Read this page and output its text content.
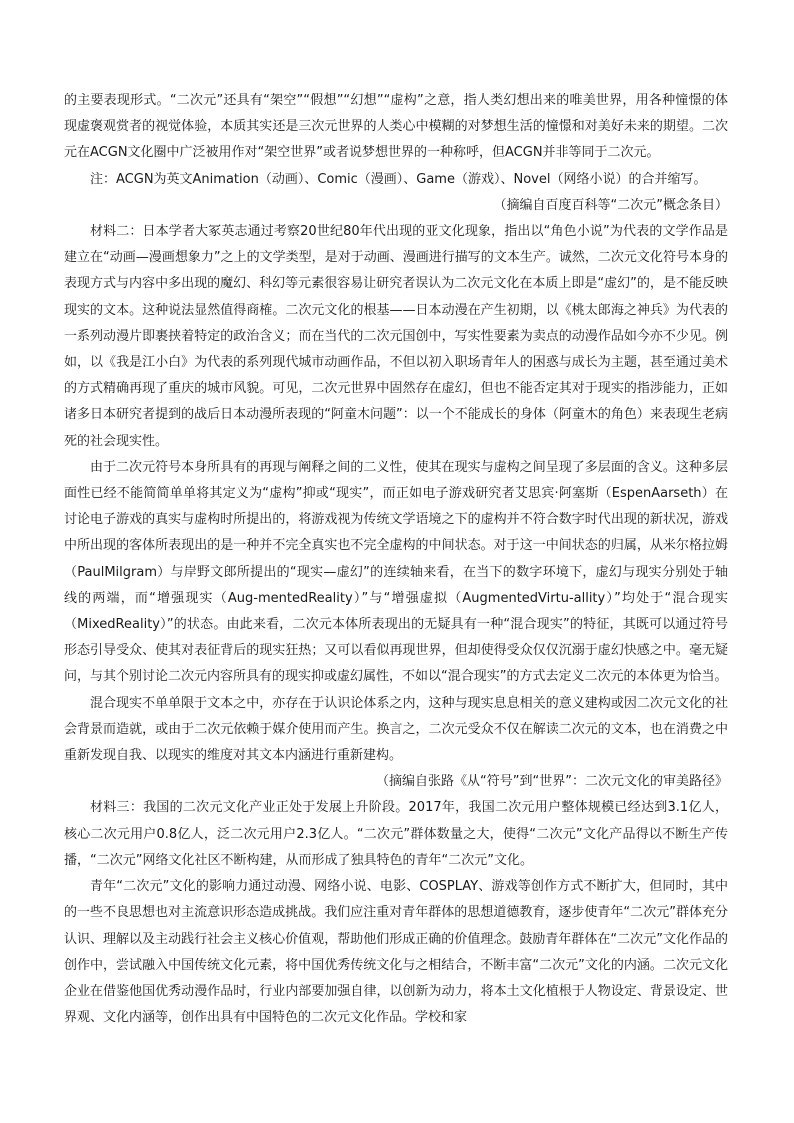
的主要表现形式。“二次元”还具有“架空”“假想”“幻想”“虚构”之意，指人类幻想出来的唯美世界，用各种憧憬的体现虚褒观赏者的视觉体验，本质其实还是三次元世界的人类心中模糊的对梦想生活的憧憬和对美好未来的期望。二次元在ACGN文化圈中广泛被用作对“架空世界”或者说梦想世界的一种称呼，但ACGN并非等同于二次元。

注：ACGN为英文Animation（动画）、Comic（漫画）、Game（游戏）、Novel（网络小说）的合并缩写。

（摘编自百度百科等“二次元”概念条目）

材料二：日本学者大冢英志通过考察20世纪80年代出现的亚文化现象，指出以“角色小说”为代表的文学作品是建立在“动画—漫画想象力”之上的文学类型，是对于动画、漫画进行描写的文本生产。诚然，二次元文化符号本身的表现方式与内容中多出现的魔幻、科幻等元素很容易让研究者误认为二次元文化在本质上即是“虚幻”的，是不能反映现实的文本。这种说法显然值得商榷。二次元文化的根基——日本动漫在产生初期，以《桃太郎海之神兵》为代表的一系列动漫片即裹挟着特定的政治含义；而在当代的二次元国创中，写实性要素为卖点的动漫作品如今亦不少见。例如，以《我是江小白》为代表的系列现代城市动画作品，不但以初入职场青年人的困惑与成长为主题，甚至通过美术的方式精确再现了重庆的城市风貌。可见，二次元世界中固然存在虚幻，但也不能否定其对于现实的指涉能力，正如诸多日本研究者提到的战后日本动漫所表现的“阿童木问题”：以一个不能成长的身体（阿童木的角色）来表现生老病死的社会现实性。

由于二次元符号本身所具有的再现与阐释之间的二义性，使其在现实与虚构之间呈现了多层面的含义。这种多层面性已经不能简简单单将其定义为“虚构”抑或“现实”，而正如电子游戏研究者艾思宾·阿塞斯（EspenAarseth）在讨论电子游戏的真实与虚构时所提出的，将游戏视为传统文学语境之下的虚构并不符合数字时代出现的新状况，游戏中所出现的客体所表现出的是一种并不完全真实也不完全虚构的中间状态。对于这一中间状态的归属，从米尔格拉姆（PaulMilgram）与岸野文郎所提出的“现实—虚幻”的连续轴来看，在当下的数字环境下，虚幻与现实分别处于轴线的两端，而“增强现实（Aug-mentedReality）”与“增强虚拟（AugmentedVirtu-allity）”均处于“混合现实（MixedReality）”的状态。由此来看，二次元本体所表现出的无疑具有一种“混合现实”的特征，其既可以通过符号形态引导受众、使其对表征背后的现实狂热；又可以看似再现世界，但却使得受众仅仅沉溺于虚幻快感之中。毫无疑问，与其个别讨论二次元内容所具有的现实抑或虚幻属性，不如以“混合现实”的方式去定义二次元的本体更为恰当。

混合现实不单单限于文本之中，亦存在于认识论体系之内，这种与现实息息相关的意义建构或因二次元文化的社会背景而造就，或由于二次元依赖于媒介使用而产生。换言之，二次元受众不仅在解读二次元的文本，也在消费之中重新发现自我、以现实的维度对其文本内涵进行重新建构。

（摘编自张路《从“符号”到“世界”：二次元文化的审美路径》

材料三：我国的二次元文化产业正处于发展上升阶段。2017年，我国二次元用户整体规模已经达到3.1亿人，核心二次元用户0.8亿人，泛二次元用户2.3亿人。“二次元”群体数量之大，使得“二次元”文化产品得以不断生产传播，“二次元”网络文化社区不断构建，从而形成了独具特色的青年“二次元”文化。

青年“二次元”文化的影响力通过动漫、网络小说、电影、COSPLAY、游戏等创作方式不断扩大，但同时，其中的一些不良思想也对主流意识形态造成挑战。我们应注重对青年群体的思想道德教育，逐步使青年“二次元”群体充分认识、理解以及主动践行社会主义核心价值观，帮助他们形成正确的价值理念。鼓励青年群体在“二次元”文化作品的创作中，尝试融入中国传统文化元素，将中国优秀传统文化与之相结合，不断丰富“二次元”文化的内涵。二次元文化企业在借鉴他国优秀动漫作品时，行业内部要加强自律，以创新为动力，将本土文化植根于人物设定、背景设定、世界观、文化内涵等，创作出具有中国特色的二次元文化作品。学校和家
